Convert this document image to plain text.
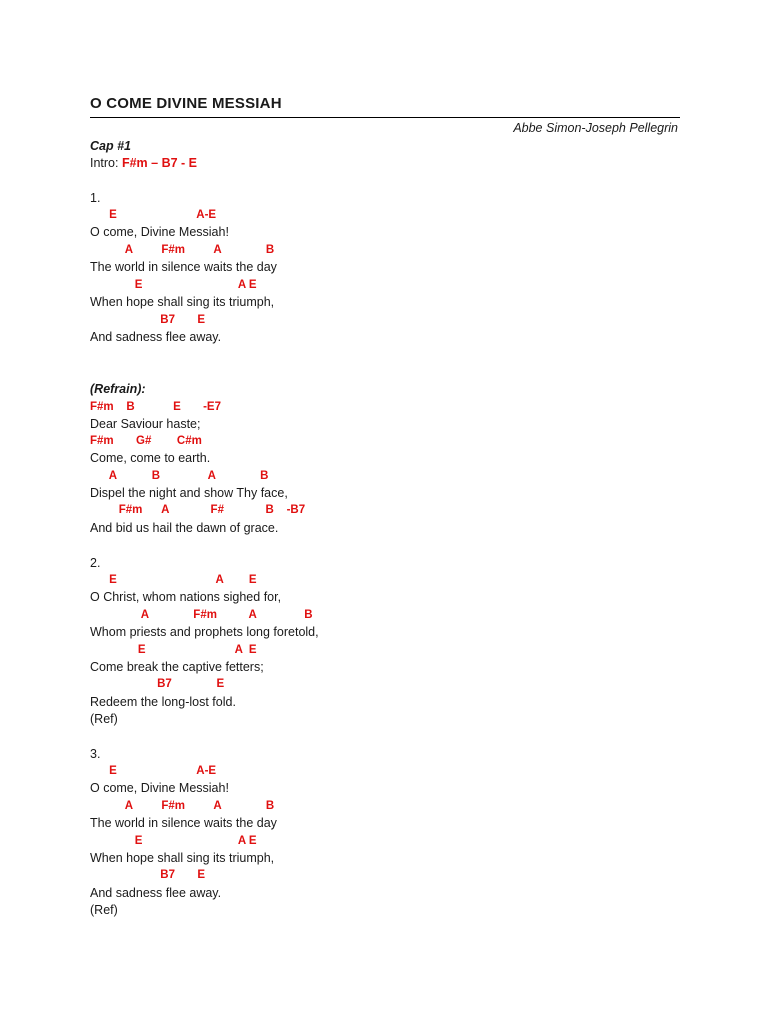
O COME DIVINE MESSIAH
Abbe Simon-Joseph Pellegrin
Cap #1
Intro: F#m – B7 - E
1.
E                         A-E
O come, Divine Messiah!
A         F#m         A              B
The world in silence waits the day
E                              A E
When hope shall sing its triumph,
B7       E
And sadness flee away.
(Refrain):
F#m    B            E       -E7
Dear Saviour haste;
F#m       G#        C#m
Come, come to earth.
A           B               A              B
Dispel the night and show Thy face,
F#m      A             F#             B    -B7
And bid us hail the dawn of grace.
2.
E                               A        E
O Christ, whom nations sighed for,
A              F#m          A               B
Whom priests and prophets long foretold,
E                            A  E
Come break the captive fetters;
B7              E
Redeem the long-lost fold.
(Ref)
3.
E                         A-E
O come, Divine Messiah!
A         F#m         A              B
The world in silence waits the day
E                              A E
When hope shall sing its triumph,
B7       E
And sadness flee away.
(Ref)
